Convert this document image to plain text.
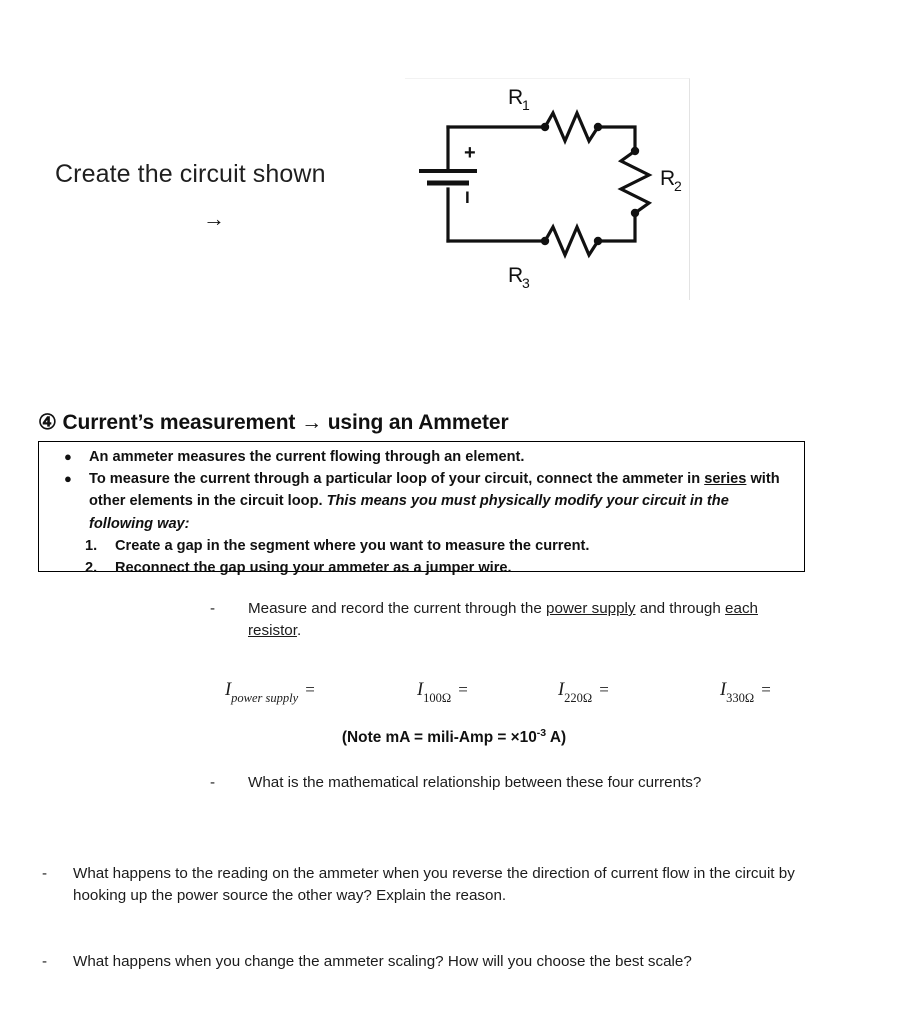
Create the circuit shown
→
+
I
R
1
R
2
R
3
④ Current’s measurement → using an Ammeter
● An ammeter measures the current flowing through an element.
● To measure the current through a particular loop of your circuit, connect the ammeter in series with other elements in the circuit loop. This means you must physically modify your circuit in the following way:
1. Create a gap in the segment where you want to measure the current.
2. Reconnect the gap using your ammeter as a jumper wire.
- Measure and record the current through the power supply and through each resistor.
$I_{power supply}$ =	$I_{100\Omega}$ =	$I_{220\Omega}$ =	$I_{330\Omega}$ =
(Note mA = mili-Amp = $\times 10^{-3}$ A)
- What is the mathematical relationship between these four currents?
- What happens to the reading on the ammeter when you reverse the direction of current flow in the circuit by hooking up the power source the other way? Explain the reason.
- What happens when you change the ammeter scaling? How will you choose the best scale?
